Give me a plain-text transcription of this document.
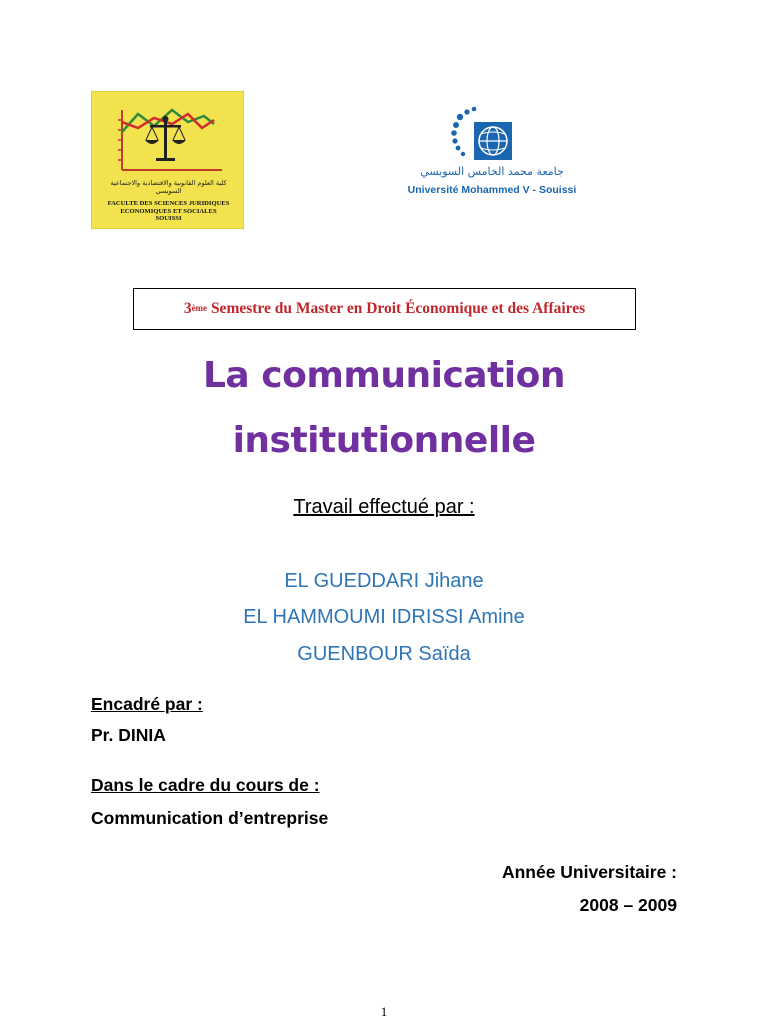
كلية العلوم القانونية والاقتصادية والاجتماعية السويسي
FACULTE DES SCIENCES JURIDIQUES
ECONOMIQUES ET SOCIALES
SOUISSI
جامعة محمد الخامس السويسي
Université Mohammed V - Souissi
3ème Semestre du Master en Droit Économique et des Affaires
La communication
institutionnelle
Travail effectué par :
EL GUEDDARI Jihane
EL HAMMOUMI IDRISSI Amine
GUENBOUR Saïda
Encadré par :
Pr. DINIA
Dans le cadre du cours de :
Communication d’entreprise
Année Universitaire :
2008 – 2009
1
